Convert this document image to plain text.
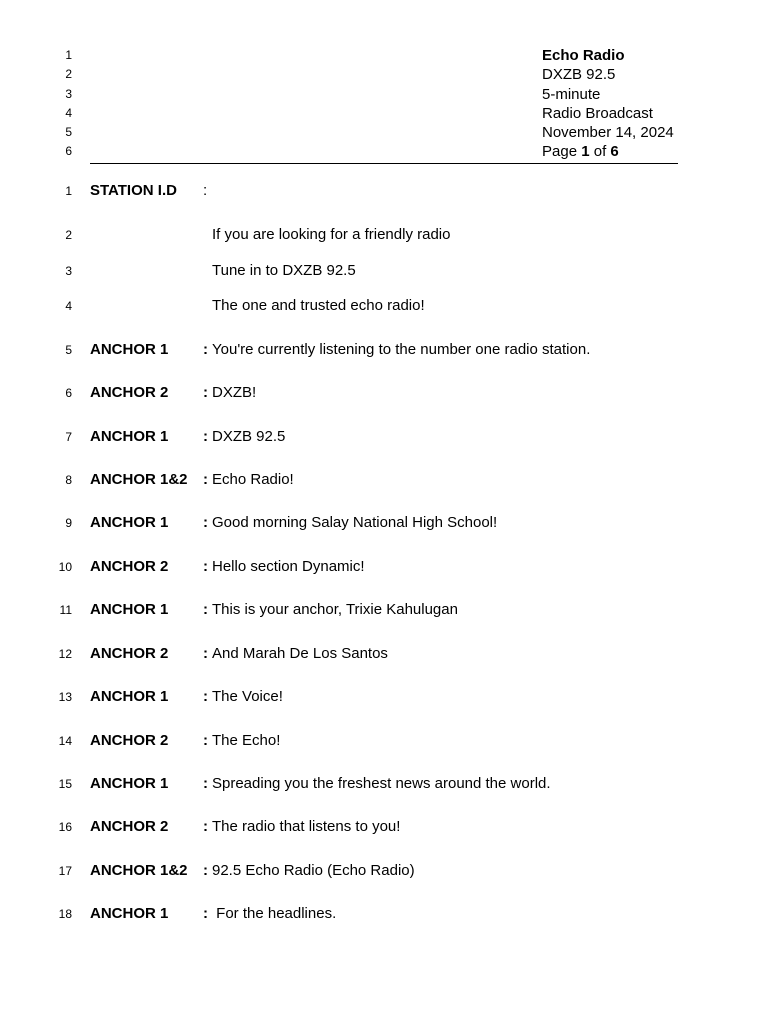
1	Echo Radio
2	DXZB 92.5
3	5-minute
4	Radio Broadcast
5	November 14, 2024
6	Page 1 of 6
1 STATION I.D :
2	If you are looking for a friendly radio
3	Tune in to DXZB 92.5
4	The one and trusted echo radio!
5 ANCHOR 1 : You're currently listening to the number one radio station.
6 ANCHOR 2 : DXZB!
7 ANCHOR 1 : DXZB 92.5
8 ANCHOR 1&2 : Echo Radio!
9 ANCHOR 1 : Good morning Salay National High School!
10 ANCHOR 2 : Hello section Dynamic!
11 ANCHOR 1 : This is your anchor, Trixie Kahulugan
12 ANCHOR 2 : And Marah De Los Santos
13 ANCHOR 1 : The Voice!
14 ANCHOR 2 : The Echo!
15 ANCHOR 1 : Spreading you the freshest news around the world.
16 ANCHOR 2 : The radio that listens to you!
17 ANCHOR 1&2 : 92.5 Echo Radio (Echo Radio)
18 ANCHOR 1 : For the headlines.
